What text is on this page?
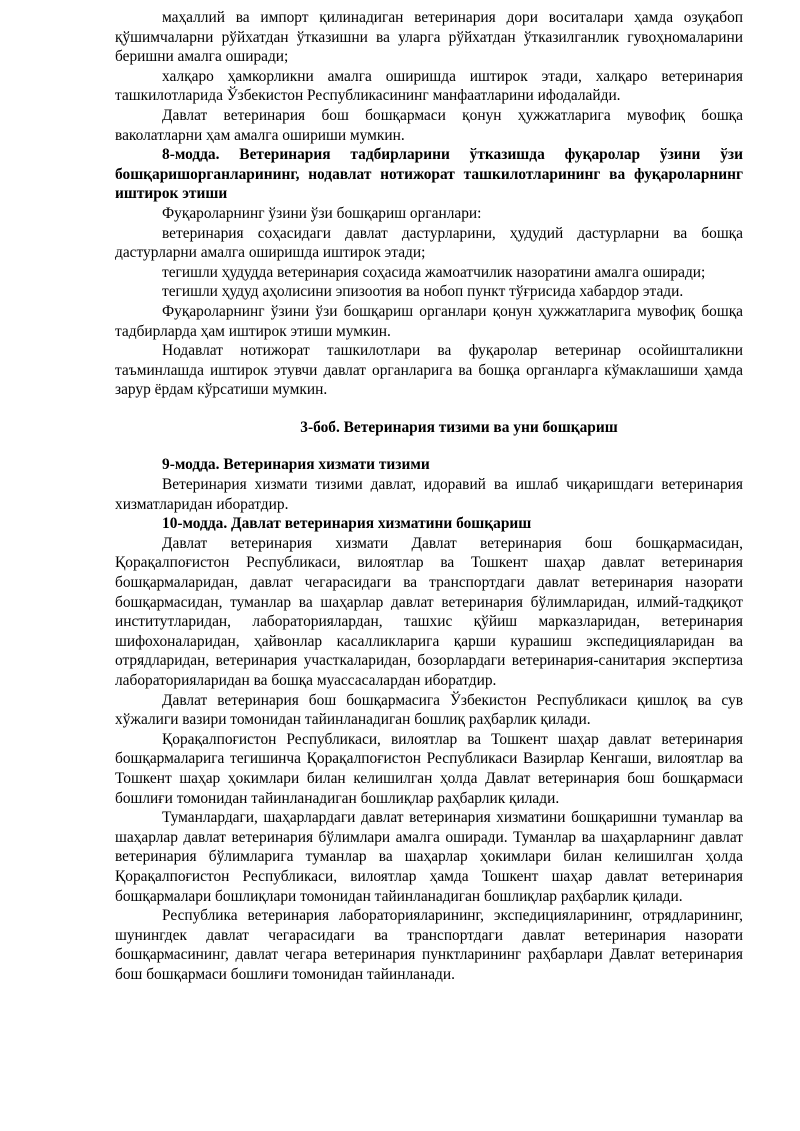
маҳаллий ва импорт қилинадиган ветеринария дори воситалари ҳамда озуқабоп қўшимчаларни рўйхатдан ўтказишни ва уларга рўйхатдан ўтказилганлик гувоҳномаларини беришни амалга оширади;

халқаро ҳамкорликни амалга оширишда иштирок этади, халқаро ветеринария ташкилотларида Ўзбекистон Республикасининг манфаатларини ифодалайди.

Давлат ветеринария бош бошқармаси қонун ҳужжатларига мувофиқ бошқа ваколатларни ҳам амалга ошириши мумкин.

8-модда. Ветеринария тадбирларини ўтказишда фуқаролар ўзини ўзи бошқаришорганларининг, нодавлат нотижорат ташкилотларининг ва фуқароларнинг иштирок этиши

Фуқароларнинг ўзини ўзи бошқариш органлари:

ветеринария соҳасидаги давлат дастурларини, ҳудудий дастурларни ва бошқа дастурларни амалга оширишда иштирок этади;

тегишли ҳудудда ветеринария соҳасида жамоатчилик назоратини амалга оширади;

тегишли ҳудуд аҳолисини эпизоотия ва нобоп пункт тўғрисида хабардор этади.

Фуқароларнинг ўзини ўзи бошқариш органлари қонун ҳужжатларига мувофиқ бошқа тадбирларда ҳам иштирок этиши мумкин.

Нодавлат нотижорат ташкилотлари ва фуқаролар ветеринар осойишталикни таъминлашда иштирок этувчи давлат органларига ва бошқа органларга кўмаклашиши ҳамда зарур ёрдам кўрсатиши мумкин.

3-боб. Ветеринария тизими ва уни бошқариш

9-модда. Ветеринария хизмати тизими

Ветеринария хизмати тизими давлат, идоравий ва ишлаб чиқаришдаги ветеринария хизматларидан иборатдир.

10-модда. Давлат ветеринария хизматини бошқариш

Давлат ветеринария хизмати Давлат ветеринария бош бошқармасидан, Қорақалпоғистон Республикаси, вилоятлар ва Тошкент шаҳар давлат ветеринария бошқармаларидан, давлат чегарасидаги ва транспортдаги давлат ветеринария назорати бошқармасидан, туманлар ва шаҳарлар давлат ветеринария бўлимларидан, илмий-тадқиқот институтларидан, лабораториялардан, ташхис қўйиш марказларидан, ветеринария шифохоналаридан, ҳайвонлар касалликларига қарши курашиш экспедицияларидан ва отрядларидан, ветеринария участкаларидан, бозорлардаги ветеринария-санитария экспертиза лабораторияларидан ва бошқа муассасалардан иборатдир.

Давлат ветеринария бош бошқармасига Ўзбекистон Республикаси қишлоқ ва сув хўжалиги вазири томонидан тайинланадиган бошлиқ раҳбарлик қилади.

Қорақалпоғистон Республикаси, вилоятлар ва Тошкент шаҳар давлат ветеринария бошқармаларига тегишинча Қорақалпоғистон Республикаси Вазирлар Кенгаши, вилоятлар ва Тошкент шаҳар ҳокимлари билан келишилган ҳолда Давлат ветеринария бош бошқармаси бошлиғи томонидан тайинланадиган бошлиқлар раҳбарлик қилади.

Туманлардаги, шаҳарлардаги давлат ветеринария хизматини бошқаришни туманлар ва шаҳарлар давлат ветеринария бўлимлари амалга оширади. Туманлар ва шаҳарларнинг давлат ветеринария бўлимларига туманлар ва шаҳарлар ҳокимлари билан келишилган ҳолда Қорақалпоғистон Республикаси, вилоятлар ҳамда Тошкент шаҳар давлат ветеринария бошқармалари бошлиқлари томонидан тайинланадиган бошлиқлар раҳбарлик қилади.

Республика ветеринария лабораторияларининг, экспедицияларининг, отрядларининг, шунингдек давлат чегарасидаги ва транспортдаги давлат ветеринария назорати бошқармасининг, давлат чегара ветеринария пунктларининг раҳбарлари Давлат ветеринария бош бошқармаси бошлиғи томонидан тайинланади.
